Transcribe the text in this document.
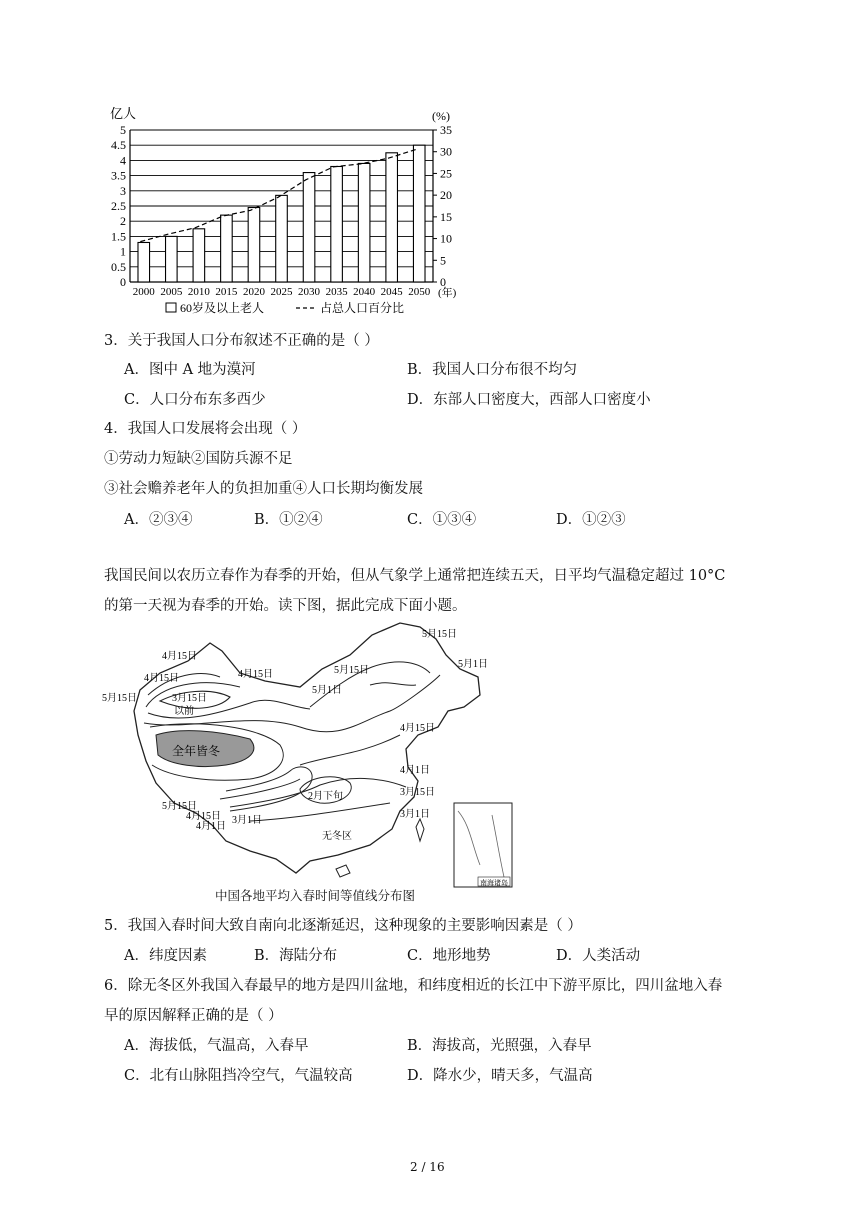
0
0.5
1
1.5
2
2.5
3
3.5
4
4.5
5
0
5
10
15
20
25
30
35
2000 2005 2010 2015 2020 2025 2030 2035 2040 2045 2050
亿人	(%)
(年)
60岁及以上老人	占总人口百分比
3．关于我国人口分布叙述不正确的是（ ）
A．图中 A 地为漠河	B．我国人口分布很不均匀
C．人口分布东多西少	D．东部人口密度大，西部人口密度小
4．我国人口发展将会出现（ ）
①劳动力短缺②国防兵源不足
③社会赡养老年人的负担加重④人口长期均衡发展
A．②③④	B．①②④	C．①③④	D．①②③
我国民间以农历立春作为春季的开始，但从气象学上通常把连续五天，日平均气温稳定超过 10°C
的第一天视为春季的开始。读下图，据此完成下面小题。
南海诸岛
5月15日
5月1日
5月15日
5月1日
4月15日
4月15日	4月15日
5月15日	3月15日
以前
全年皆冬
4月15日
4月1日
3月15日
3月1日
2月下旬
5月15日
4月15日
4月1日
3月1日
无冬区
中国各地平均入春时间等值线分布图
5．我国入春时间大致自南向北逐渐延迟，这种现象的主要影响因素是（ ）
A．纬度因素	B．海陆分布	C．地形地势	D．人类活动
6．除无冬区外我国入春最早的地方是四川盆地，和纬度相近的长江中下游平原比，四川盆地入春
早的原因解释正确的是（ ）
A．海拔低，气温高，入春早	B．海拔高，光照强，入春早
C．北有山脉阻挡冷空气，气温较高	D．降水少，晴天多，气温高
2 / 16
